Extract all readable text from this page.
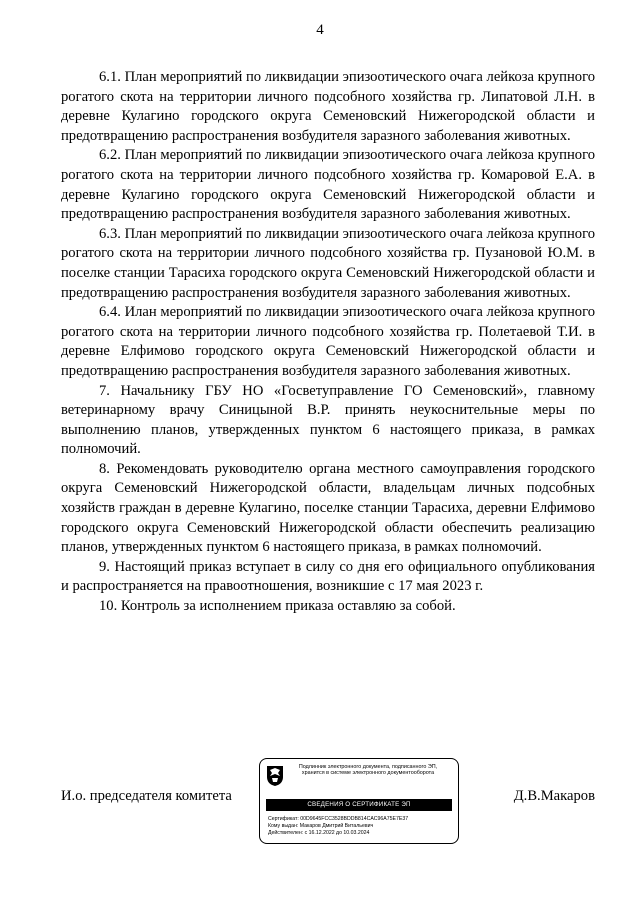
4

6.1. План мероприятий по ликвидации эпизоотического очага лейкоза крупного рогатого скота на территории личного подсобного хозяйства гр. Липатовой Л.Н. в деревне Кулагино городского округа Семеновский Нижегородской области и предотвращению распространения возбудителя заразного заболевания животных.

6.2. План мероприятий по ликвидации эпизоотического очага лейкоза крупного рогатого скота на территории личного подсобного хозяйства гр. Комаровой Е.А. в деревне Кулагино городского округа Семеновский Нижегородской области и предотвращению распространения возбудителя заразного заболевания животных.

6.3. План мероприятий по ликвидации эпизоотического очага лейкоза крупного рогатого скота на территории личного подсобного хозяйства гр. Пузановой Ю.М. в поселке станции Тарасиха городского округа Семеновский Нижегородской области и предотвращению распространения возбудителя заразного заболевания животных.

6.4. Илан мероприятий по ликвидации эпизоотического очага лейкоза крупного рогатого скота на территории личного подсобного хозяйства гр. Полетаевой Т.И. в деревне Елфимово городского округа Семеновский Нижегородской области и предотвращению распространения возбудителя заразного заболевания животных.

7. Начальнику ГБУ НО «Госветуправление ГО Семеновский», главному ветеринарному врачу Синицыной В.Р. принять неукоснительные меры по выполнению планов, утвержденных пунктом 6 настоящего приказа, в рамках полномочий.

8. Рекомендовать руководителю органа местного самоуправления городского округа Семеновский Нижегородской области, владельцам личных подсобных хозяйств граждан в деревне Кулагино, поселке станции Тарасиха, деревни Елфимово городского округа Семеновский Нижегородской области обеспечить реализацию планов, утвержденных пунктом 6 настоящего приказа, в рамках полномочий.

9. Настоящий приказ вступает в силу со дня его официального опубликования и распространяется на правоотношения, возникшие с 17 мая 2023 г.

10. Контроль за исполнением приказа оставляю за собой.

И.о. председателя комитета
Подлинник электронного документа, подписанного ЭП, хранится в системе электронного документооборота
СВЕДЕНИЯ О СЕРТИФИКАТЕ ЭП
Сертификат: 00D9645FCC3528BDDB814CAC96A75E7E37
Кому выдан: Макаров Дмитрий Витальевич
Действителен: с 16.12.2022 до 10.03.2024
Д.В.Макаров
